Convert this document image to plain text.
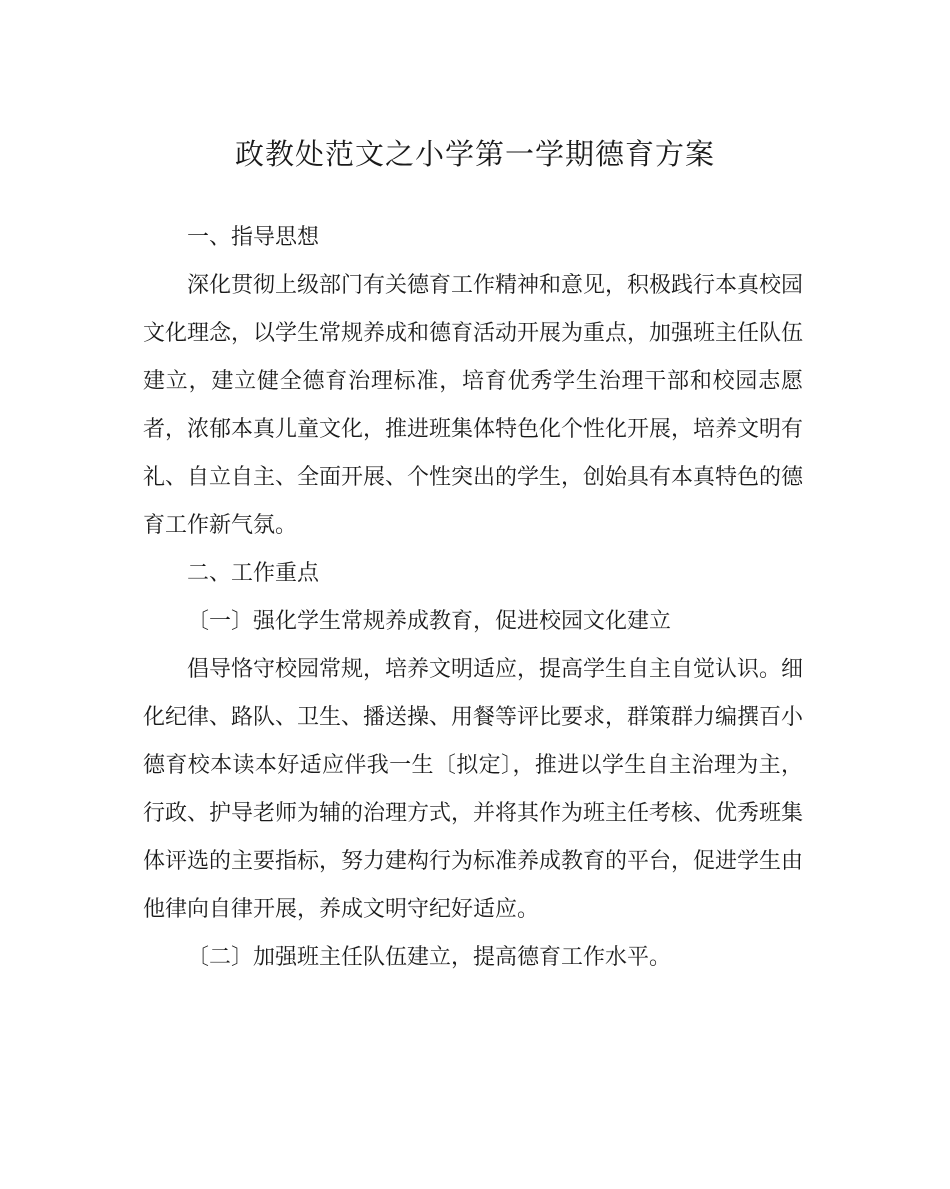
政教处范文之小学第一学期德育方案

一、指导思想

深化贯彻上级部门有关德育工作精神和意见，积极践行本真校园文化理念，以学生常规养成和德育活动开展为重点，加强班主任队伍建立，建立健全德育治理标准，培育优秀学生治理干部和校园志愿者，浓郁本真儿童文化，推进班集体特色化个性化开展，培养文明有礼、自立自主、全面开展、个性突出的学生，创始具有本真特色的德育工作新气氛。

二、工作重点

〔一〕强化学生常规养成教育，促进校园文化建立

倡导恪守校园常规，培养文明适应，提高学生自主自觉认识。细化纪律、路队、卫生、播送操、用餐等评比要求，群策群力编撰百小德育校本读本好适应伴我一生〔拟定〕，推进以学生自主治理为主，行政、护导老师为辅的治理方式，并将其作为班主任考核、优秀班集体评选的主要指标，努力建构行为标准养成教育的平台，促进学生由他律向自律开展，养成文明守纪好适应。

〔二〕加强班主任队伍建立，提高德育工作水平。
